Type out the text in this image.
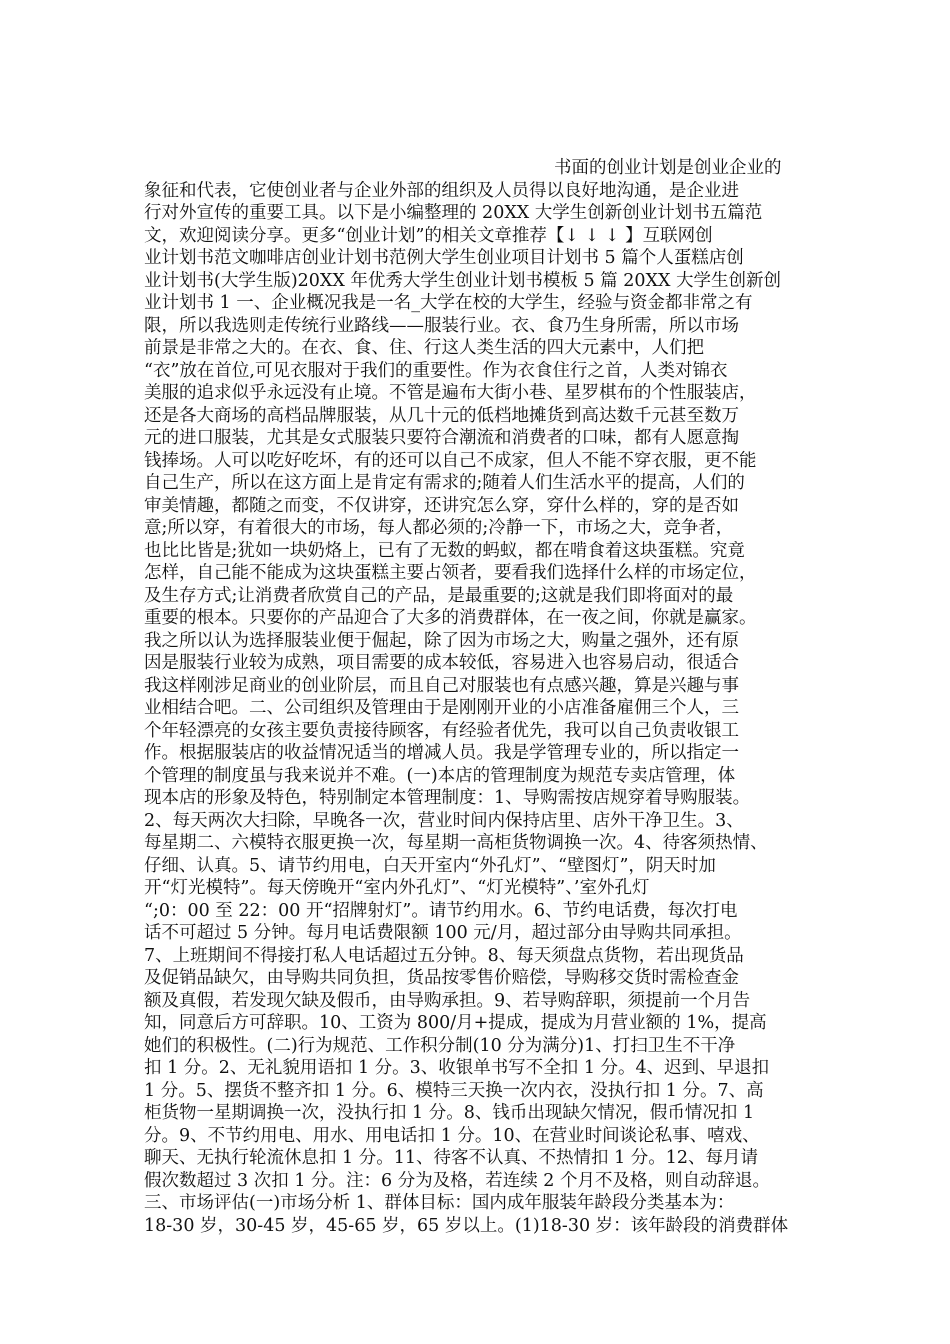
书面的创业计划是创业企业的
象征和代表，它使创业者与企业外部的组织及人员得以良好地沟通，是企业进
行对外宣传的重要工具。以下是小编整理的 20XX 大学生创新创业计划书五篇范
文，欢迎阅读分享。更多“创业计划”的相关文章推荐【↓ ↓ ↓ 】互联网创
业计划书范文咖啡店创业计划书范例大学生创业项目计划书 5 篇个人蛋糕店创
业计划书(大学生版)20XX 年优秀大学生创业计划书模板 5 篇 20XX 大学生创新创
业计划书 1 一、企业概况我是一名_大学在校的大学生，经验与资金都非常之有
限，所以我选则走传统行业路线——服装行业。衣、食乃生身所需，所以市场
前景是非常之大的。在衣、食、住、行这人类生活的四大元素中，人们把
“衣”放在首位,可见衣服对于我们的重要性。作为衣食住行之首，人类对锦衣
美服的追求似乎永远没有止境。不管是遍布大街小巷、星罗棋布的个性服装店，
还是各大商场的高档品牌服装，从几十元的低档地摊货到高达数千元甚至数万
元的进口服装，尤其是女式服装只要符合潮流和消费者的口味，都有人愿意掏
钱捧场。人可以吃好吃坏，有的还可以自己不成家，但人不能不穿衣服，更不能
自己生产，所以在这方面上是肯定有需求的;随着人们生活水平的提高，人们的
审美情趣，都随之而变，不仅讲穿，还讲究怎么穿，穿什么样的，穿的是否如
意;所以穿，有着很大的市场，每人都必须的;冷静一下，市场之大，竞争者，
也比比皆是;犹如一块奶烙上，已有了无数的蚂蚁，都在啃食着这块蛋糕。究竟
怎样，自己能不能成为这块蛋糕主要占领者，要看我们选择什么样的市场定位，
及生存方式;让消费者欣赏自己的产品，是最重要的;这就是我们即将面对的最
重要的根本。只要你的产品迎合了大多的消费群体，在一夜之间，你就是赢家。
我之所以认为选择服装业便于倔起，除了因为市场之大，购量之强外，还有原
因是服装行业较为成熟，项目需要的成本较低，容易进入也容易启动，很适合
我这样刚涉足商业的创业阶层，而且自己对服装也有点感兴趣，算是兴趣与事
业相结合吧。二、公司组织及管理由于是刚刚开业的小店准备雇佣三个人，三
个年轻漂亮的女孩主要负责接待顾客，有经验者优先，我可以自己负责收银工
作。根据服装店的收益情况适当的增减人员。我是学管理专业的，所以指定一
个管理的制度虽与我来说并不难。(一)本店的管理制度为规范专卖店管理，体
现本店的形象及特色，特别制定本管理制度：1、导购需按店规穿着导购服装。
2、每天两次大扫除，早晚各一次，营业时间内保持店里、店外干净卫生。3、
每星期二、六模特衣服更换一次，每星期一高柜货物调换一次。4、待客须热情、
仔细、认真。5、请节约用电，白天开室内“外孔灯”、“壁图灯”，阴天时加
开“灯光模特”。每天傍晚开“室内外孔灯”、“灯光模特”、’室外孔灯
“;0：00 至 22：00 开“招牌射灯”。请节约用水。6、节约电话费，每次打电
话不可超过 5 分钟。每月电话费限额 100 元/月，超过部分由导购共同承担。
7、上班期间不得接打私人电话超过五分钟。8、每天须盘点货物，若出现货品
及促销品缺欠，由导购共同负担，货品按零售价赔偿，导购移交货时需检查金
额及真假，若发现欠缺及假币，由导购承担。9、若导购辞职，须提前一个月告
知，同意后方可辞职。10、工资为 800/月+提成，提成为月营业额的 1%，提高
她们的积极性。(二)行为规范、工作积分制(10 分为满分)1、打扫卫生不干净
扣 1 分。2、无礼貌用语扣 1 分。3、收银单书写不全扣 1 分。4、迟到、早退扣
1 分。5、摆货不整齐扣 1 分。6、模特三天换一次内衣，没执行扣 1 分。7、高
柜货物一星期调换一次，没执行扣 1 分。8、钱币出现缺欠情况，假币情况扣 1
分。9、不节约用电、用水、用电话扣 1 分。10、在营业时间谈论私事、嘻戏、
聊天、无执行轮流休息扣 1 分。11、待客不认真、不热情扣 1 分。12、每月请
假次数超过 3 次扣 1 分。注：6 分为及格，若连续 2 个月不及格，则自动辞退。
三、市场评估(一)市场分析 1、群体目标：国内成年服装年龄段分类基本为：
18-30 岁，30-45 岁，45-65 岁，65 岁以上。(1)18-30 岁：该年龄段的消费群体
